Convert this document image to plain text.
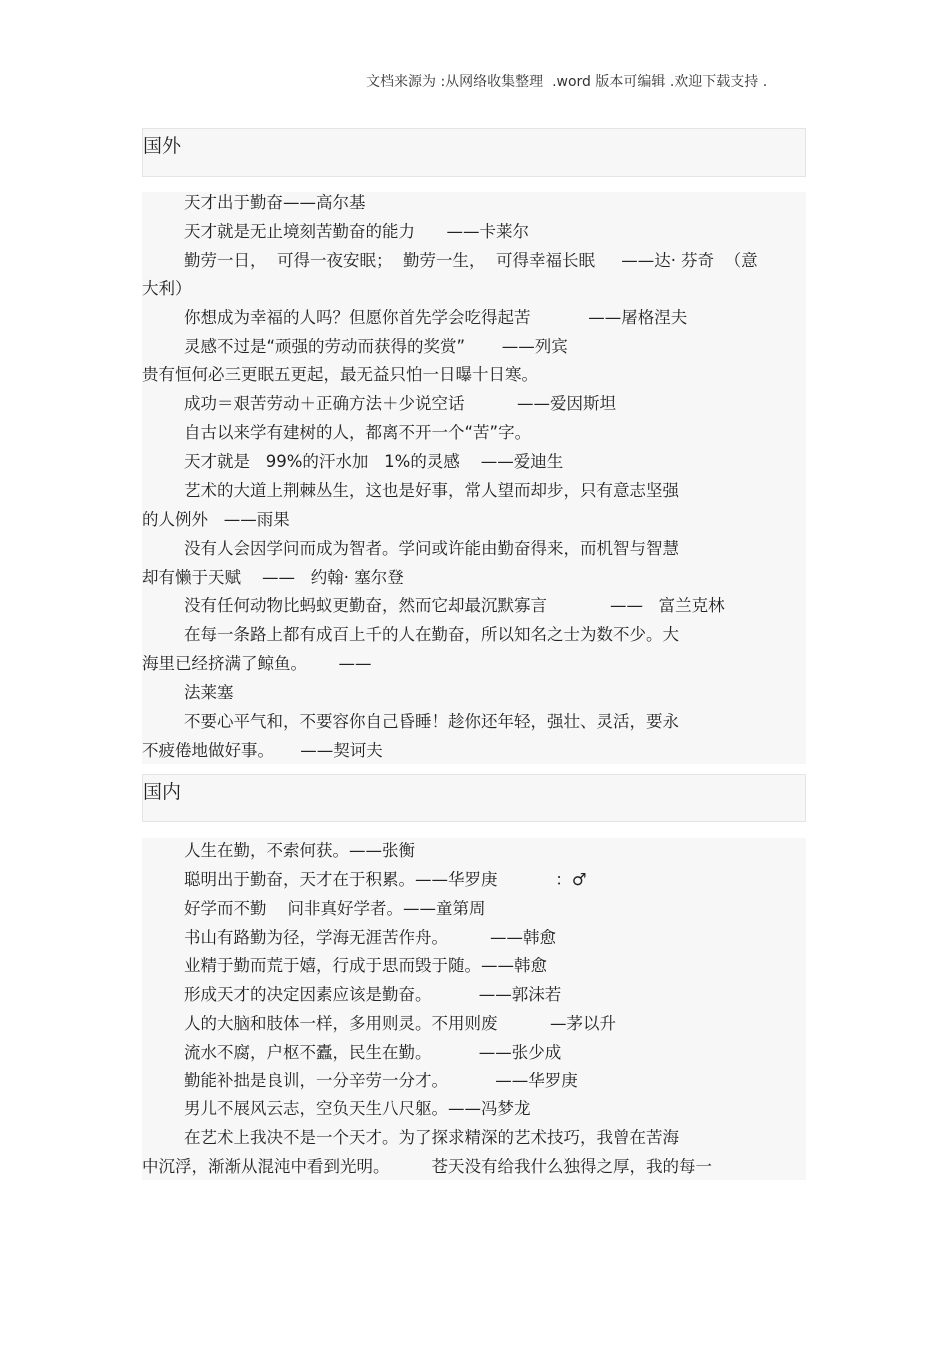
文档来源为 :从网络收集整理  .word 版本可编辑 .欢迎下载支持 .
国外
天才出于勤奋——高尔基
天才就是无止境刻苦勤奋的能力      ——卡莱尔
勤劳一日，  可得一夜安眠；  勤劳一生，  可得幸福长眠     ——达· 芬奇  （意
大利）
你想成为幸福的人吗？但愿你首先学会吃得起苦           ——屠格涅夫
灵感不过是“顽强的劳动而获得的奖赏”       ——列宾
贵有恒何必三更眠五更起，最无益只怕一日曝十日寒。
成功＝艰苦劳动＋正确方法＋少说空话          ——爱因斯坦
自古以来学有建树的人，都离不开一个“苦”字。
天才就是   99%的汗水加   1%的灵感    ——爱迪生
艺术的大道上荆棘丛生，这也是好事，常人望而却步，只有意志坚强
的人例外   ——雨果
没有人会因学问而成为智者。学问或许能由勤奋得来，而机智与智慧
却有懒于天赋    ——   约翰· 塞尔登
没有任何动物比蚂蚁更勤奋，然而它却最沉默寡言            ——   富兰克林
在每一条路上都有成百上千的人在勤奋，所以知名之士为数不少。大
海里已经挤满了鲸鱼。      ——
法莱塞
不要心平气和，不要容你自己昏睡！趁你还年轻，强壮、灵活，要永
不疲倦地做好事。     ——契诃夫
国内
人生在勤，不索何获。——张衡
聪明出于勤奋，天才在于积累。——华罗庚           ：♂
好学而不勤    问非真好学者。——童第周
书山有路勤为径，学海无涯苦作舟。        ——韩愈
业精于勤而荒于嬉，行成于思而毁于随。——韩愈
形成天才的决定因素应该是勤奋。         ——郭沫若
人的大脑和肢体一样，多用则灵。不用则废          —茅以升
流水不腐，户枢不蠹，民生在勤。         ——张少成
勤能补拙是良训，一分辛劳一分才。         ——华罗庚
男儿不展风云志，空负天生八尺躯。——冯梦龙
在艺术上我决不是一个天才。为了探求精深的艺术技巧，我曾在苦海
中沉浮，渐渐从混沌中看到光明。        苍天没有给我什么独得之厚，我的每一
